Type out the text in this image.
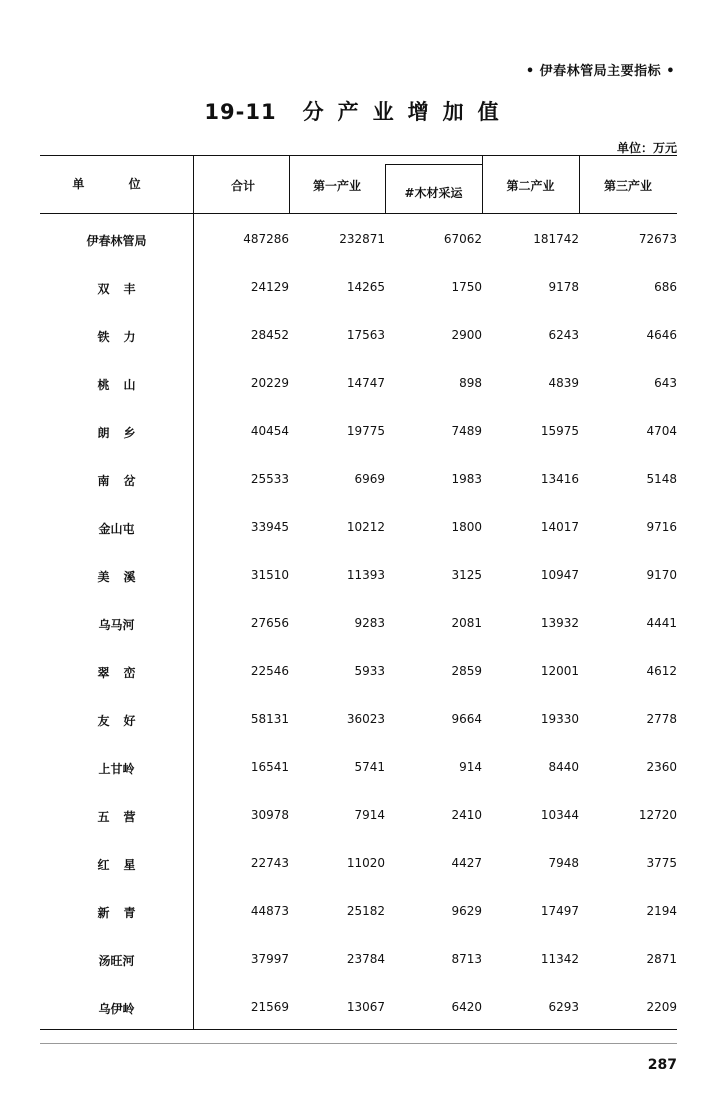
• 伊春林管局主要指标 •
19-11 分产业增加值
单位：万元
单 位	合计	第一产业	#木材采运	第二产业	第三产业
伊春林管局	487286	232871	67062	181742	72673
双丰	24129	14265	1750	9178	686
铁力	28452	17563	2900	6243	4646
桃山	20229	14747	898	4839	643
朗乡	40454	19775	7489	15975	4704
南岔	25533	6969	1983	13416	5148
金山屯	33945	10212	1800	14017	9716
美溪	31510	11393	3125	10947	9170
乌马河	27656	9283	2081	13932	4441
翠峦	22546	5933	2859	12001	4612
友好	58131	36023	9664	19330	2778
上甘岭	16541	5741	914	8440	2360
五营	30978	7914	2410	10344	12720
红星	22743	11020	4427	7948	3775
新青	44873	25182	9629	17497	2194
汤旺河	37997	23784	8713	11342	2871
乌伊岭	21569	13067	6420	6293	2209
287
